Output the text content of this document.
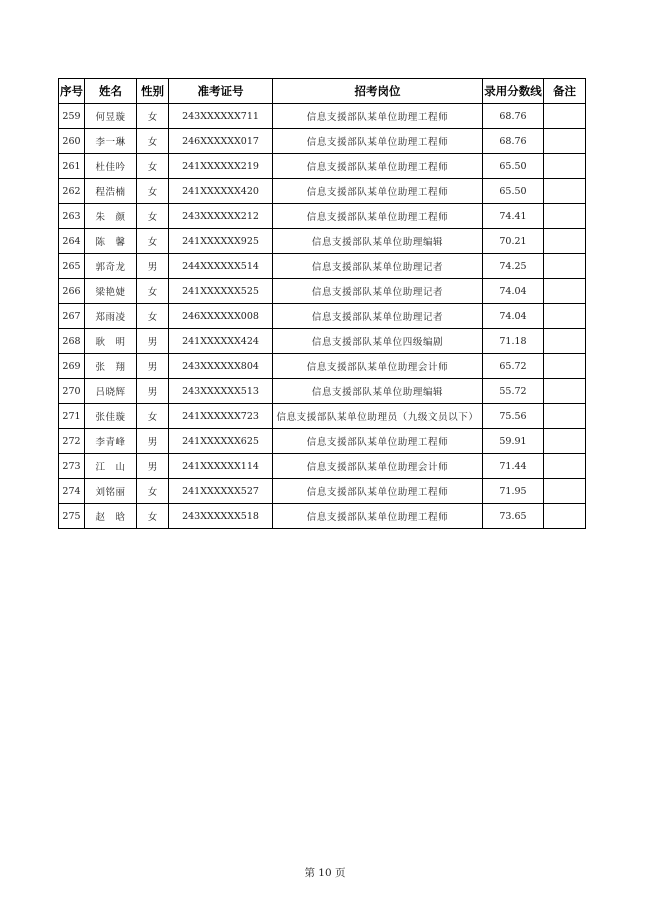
序号	姓名	性别	准考证号	招考岗位	录用分数线	备注
259	何昱璇	女	243XXXXXX711	信息支援部队某单位助理工程师	68.76	
260	李一琳	女	246XXXXXX017	信息支援部队某单位助理工程师	68.76	
261	杜佳吟	女	241XXXXXX219	信息支援部队某单位助理工程师	65.50	
262	程浩楠	女	241XXXXXX420	信息支援部队某单位助理工程师	65.50	
263	朱　颜	女	243XXXXXX212	信息支援部队某单位助理工程师	74.41	
264	陈　馨	女	241XXXXXX925	信息支援部队某单位助理编辑	70.21	
265	郭奇龙	男	244XXXXXX514	信息支援部队某单位助理记者	74.25	
266	梁艳婕	女	241XXXXXX525	信息支援部队某单位助理记者	74.04	
267	郑雨凌	女	246XXXXXX008	信息支援部队某单位助理记者	74.04	
268	耿　明	男	241XXXXXX424	信息支援部队某单位四级编剧	71.18	
269	张　翔	男	243XXXXXX804	信息支援部队某单位助理会计师	65.72	
270	吕晓辉	男	243XXXXXX513	信息支援部队某单位助理编辑	55.72	
271	张佳璇	女	241XXXXXX723	信息支援部队某单位助理员（九级文员以下）	75.56	
272	李青峰	男	241XXXXXX625	信息支援部队某单位助理工程师	59.91	
273	江　山	男	241XXXXXX114	信息支援部队某单位助理会计师	71.44	
274	刘铭丽	女	241XXXXXX527	信息支援部队某单位助理工程师	71.95	
275	赵　晗	女	243XXXXXX518	信息支援部队某单位助理工程师	73.65	
第 10 页
